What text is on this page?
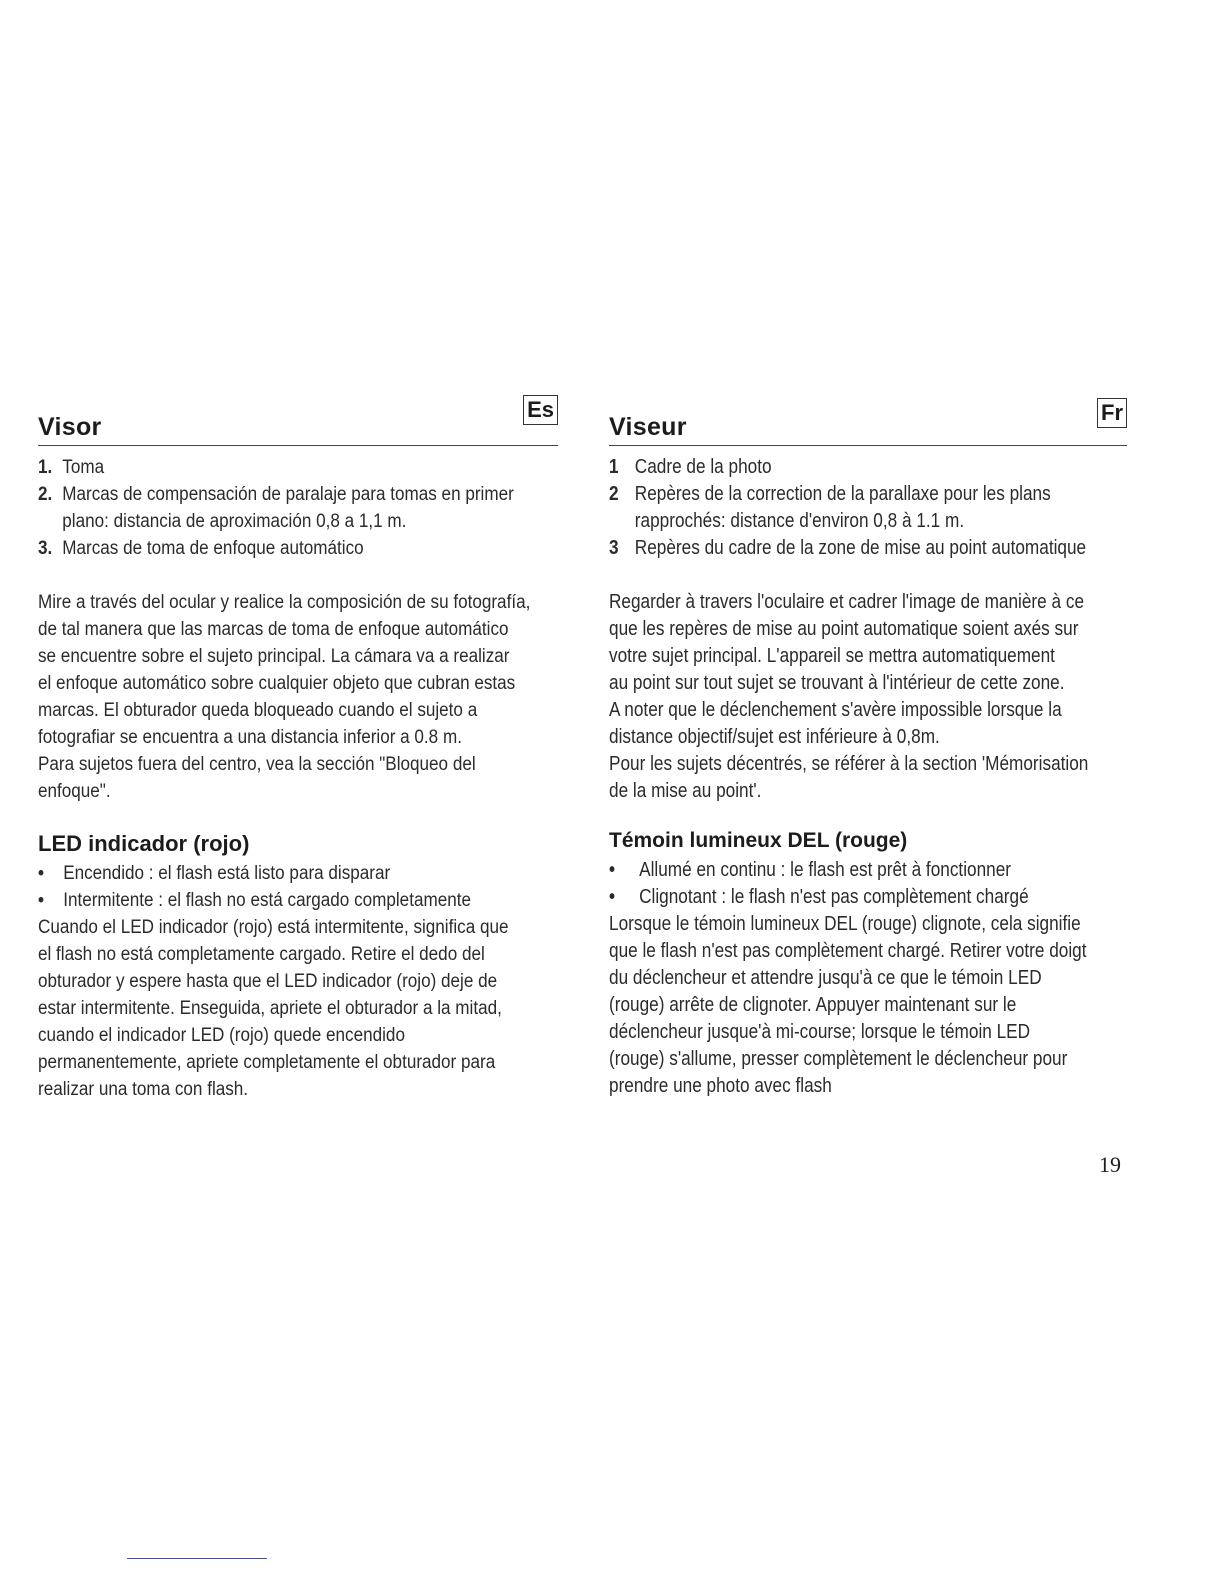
Visor
Es
1. Toma
2. Marcas de compensación de paralaje para tomas en primer plano: distancia de aproximación 0,8 a 1,1 m.
3. Marcas de toma de enfoque automático
Mire a través del ocular y realice la composición de su fotografía,
de tal manera que las marcas de toma de enfoque automático
se encuentre sobre el sujeto principal. La cámara va a realizar
el enfoque automático sobre cualquier objeto que cubran estas
marcas. El obturador queda bloqueado cuando el sujeto a
fotografiar se encuentra a una distancia inferior a 0.8 m.
Para sujetos fuera del centro, vea la sección "Bloqueo del
enfoque".
LED indicador (rojo)
• Encendido : el flash está listo para disparar
• Intermitente : el flash no está cargado completamente
Cuando el LED indicador (rojo) está intermitente, significa que
el flash no está completamente cargado. Retire el dedo del
obturador y espere hasta que el LED indicador (rojo) deje de
estar intermitente. Enseguida, apriete el obturador a la mitad,
cuando el indicador LED (rojo) quede encendido
permanentemente, apriete completamente el obturador para
realizar una toma con flash.
Viseur
Fr
1 Cadre de la photo
2 Repères de la correction de la parallaxe pour les plans rapprochés: distance d'environ 0,8 à 1.1 m.
3 Repères du cadre de la zone de mise au point automatique
Regarder à travers l'oculaire et cadrer l'image de manière à ce
que les repères de mise au point automatique soient axés sur
votre sujet principal. L'appareil se mettra automatiquement
au point sur tout sujet se trouvant à l'intérieur de cette zone.
A noter que le déclenchement s'avère impossible lorsque la
distance objectif/sujet est inférieure à 0,8m.
Pour les sujets décentrés, se référer à la section 'Mémorisation
de la mise au point'.
Témoin lumineux DEL (rouge)
• Allumé en continu : le flash est prêt à fonctionner
• Clignotant : le flash n'est pas complètement chargé
Lorsque le témoin lumineux DEL (rouge) clignote, cela signifie
que le flash n'est pas complètement chargé. Retirer votre doigt
du déclencheur et attendre jusqu'à ce que le témoin LED
(rouge) arrête de clignoter. Appuyer maintenant sur le
déclencheur jusque'à mi-course; lorsque le témoin LED
(rouge) s'allume, presser complètement le déclencheur pour
prendre une photo avec flash
19
